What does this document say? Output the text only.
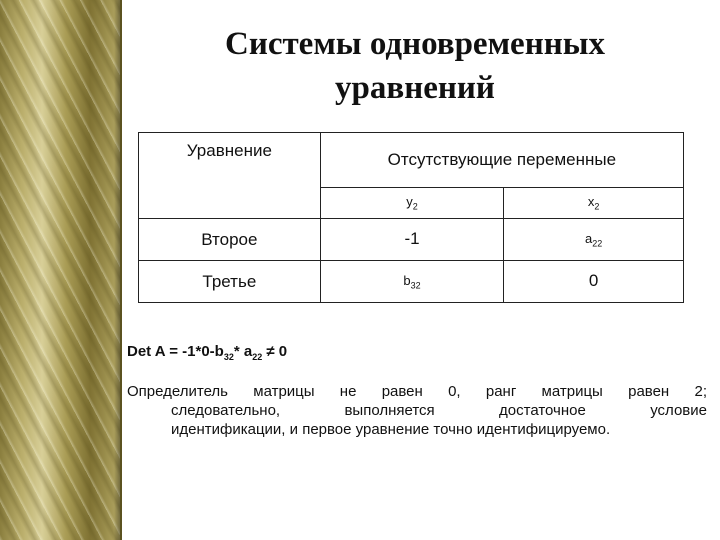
Системы одновременных
уравнений
Уравнение	Отсутствующие переменные	
	$y_2$	$x_2$
Второе	-1	$a_{22}$
Третье	$b_{32}$	0
Det $A = -1*0-b_{32}*$ $a_{22} \ne 0$
Определитель матрицы не равен 0, ранг матрицы равен 2;
следовательно, выполняется достаточное условие
идентификации, и первое уравнение точно идентифицируемо.
